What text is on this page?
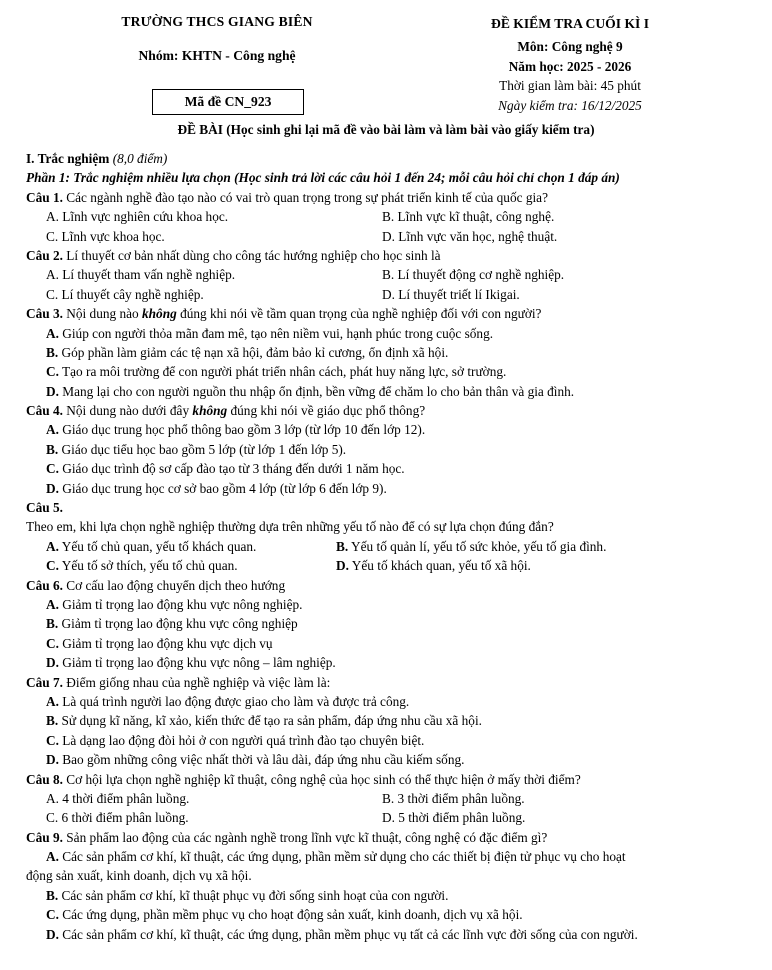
TRƯỜNG THCS GIANG BIÊN
Nhóm: KHTN - Công nghệ
Mã đề CN_923
ĐỀ KIỂM TRA CUỐI KÌ I
Môn: Công nghệ 9
Năm học: 2025 - 2026
Thời gian làm bài: 45 phút
Ngày kiểm tra: 16/12/2025
ĐỀ BÀI (Học sinh ghi lại mã đề vào bài làm và làm bài vào giấy kiểm tra)
I. Trắc nghiệm (8,0 điểm)
Phần 1: Trắc nghiệm nhiều lựa chọn (Học sinh trả lời các câu hỏi 1 đến 24; mỗi câu hỏi chỉ chọn 1 đáp án)
Câu 1. Các ngành nghề đào tạo nào có vai trò quan trọng trong sự phát triển kinh tế của quốc gia?
A. Lĩnh vực nghiên cứu khoa học.	B. Lĩnh vực kĩ thuật, công nghệ.
C. Lĩnh vực khoa học.	D. Lĩnh vực văn học, nghệ thuật.
Câu 2. Lí thuyết cơ bản nhất dùng cho công tác hướng nghiệp cho học sinh là
A. Lí thuyết tham vấn nghề nghiệp.	B. Lí thuyết động cơ nghề nghiệp.
C. Lí thuyết cây nghề nghiệp.	D. Lí thuyết triết lí Ikigai.
Câu 3. Nội dung nào không đúng khi nói về tầm quan trọng của nghề nghiệp đối với con người?
A. Giúp con người thỏa mãn đam mê, tạo nên niềm vui, hạnh phúc trong cuộc sống.
B. Góp phần làm giảm các tệ nạn xã hội, đảm bảo kỉ cương, ổn định xã hội.
C. Tạo ra môi trường để con người phát triển nhân cách, phát huy năng lực, sở trường.
D. Mang lại cho con người nguồn thu nhập ổn định, bền vững để chăm lo cho bản thân và gia đình.
Câu 4. Nội dung nào dưới đây không đúng khi nói về giáo dục phổ thông?
A. Giáo dục trung học phổ thông bao gồm 3 lớp (từ lớp 10 đến lớp 12).
B. Giáo dục tiểu học bao gồm 5 lớp (từ lớp 1 đến lớp 5).
C. Giáo dục trình độ sơ cấp đào tạo từ 3 tháng đến dưới 1 năm học.
D. Giáo dục trung học cơ sở bao gồm 4 lớp (từ lớp 6 đến lớp 9).
Câu 5.
Theo em, khi lựa chọn nghề nghiệp thường dựa trên những yếu tố nào để có sự lựa chọn đúng đắn?
A. Yếu tố chủ quan, yếu tố khách quan.	B. Yếu tố quản lí, yếu tố sức khỏe, yếu tố gia đình.
C. Yếu tố sở thích, yếu tố chủ quan.	D. Yếu tố khách quan, yếu tố xã hội.
Câu 6. Cơ cấu lao động chuyển dịch theo hướng
A. Giảm tỉ trọng lao động khu vực nông nghiệp.
B. Giảm tỉ trọng lao động khu vực công nghiệp
C. Giảm tỉ trọng lao động khu vực dịch vụ
D. Giảm tỉ trọng lao động khu vực nông – lâm nghiệp.
Câu 7. Điểm giống nhau của nghề nghiệp và việc làm là:
A. Là quá trình người lao động được giao cho làm và được trả công.
B. Sử dụng kĩ năng, kĩ xảo, kiến thức để tạo ra sản phẩm, đáp ứng nhu cầu xã hội.
C. Là dạng lao động đòi hỏi ở con người quá trình đào tạo chuyên biệt.
D. Bao gồm những công việc nhất thời và lâu dài, đáp ứng nhu cầu kiếm sống.
Câu 8. Cơ hội lựa chọn nghề nghiệp kĩ thuật, công nghệ của học sinh có thể thực hiện ở mấy thời điểm?
A. 4 thời điểm phân luồng.	B. 3 thời điểm phân luồng.
C. 6 thời điểm phân luồng.	D. 5 thời điểm phân luồng.
Câu 9. Sản phẩm lao động của các ngành nghề trong lĩnh vực kĩ thuật, công nghệ có đặc điểm gì?
A. Các sản phẩm cơ khí, kĩ thuật, các ứng dụng, phần mềm sử dụng cho các thiết bị điện tử phục vụ cho hoạt
động sản xuất, kinh doanh, dịch vụ xã hội.
B. Các sản phẩm cơ khí, kĩ thuật phục vụ đời sống sinh hoạt của con người.
C. Các ứng dụng, phần mềm phục vụ cho hoạt động sản xuất, kinh doanh, dịch vụ xã hội.
D. Các sản phẩm cơ khí, kĩ thuật, các ứng dụng, phần mềm phục vụ tất cả các lĩnh vực đời sống của con người.
